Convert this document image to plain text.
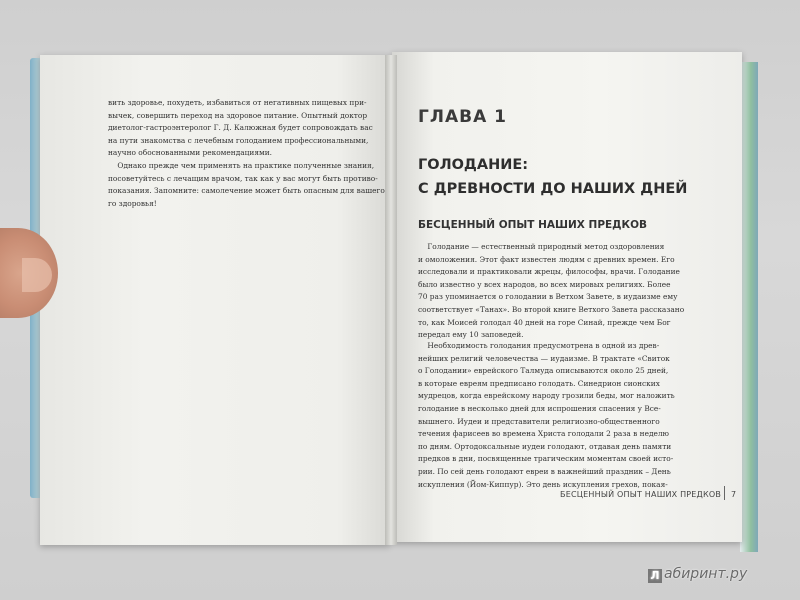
вить здоровье, похудеть, избавиться от негативных пищевых при-
вычек, совершить переход на здоровое питание. Опытный доктор
диетолог-гастроэнтеролог Г. Д. Калюжная будет сопровождать вас
на пути знакомства с лечебным голоданием профессиональными,
научно обоснованными рекомендациями.

Однако прежде чем применять на практике полученные знания,
посоветуйтесь с лечащим врачом, так как у вас могут быть противо-
показания. Запомните: самолечение может быть опасным для вашего
го здоровья!

ГЛАВА 1
ГОЛОДАНИЕ:
С ДРЕВНОСТИ ДО НАШИХ ДНЕЙ
БЕСЦЕННЫЙ ОПЫТ НАШИХ ПРЕДКОВ

Голодание — естественный природный метод оздоровления
и омоложения. Этот факт известен людям с древних времен. Его
исследовали и практиковали жрецы, философы, врачи. Голодание
было известно у всех народов, во всех мировых религиях. Более
70 раз упоминается о голодании в Ветхом Завете, в иудаизме ему
соответствует «Танах». Во второй книге Ветхого Завета рассказано
то, как Моисей голодал 40 дней на горе Синай, прежде чем Бог
передал ему 10 заповедей.

Необходимость голодания предусмотрена в одной из древ-
нейших религий человечества — иудаизме. В трактате «Свиток
о Голодании» еврейского Талмуда описываются около 25 дней,
в которые евреям предписано голодать. Синедрион сионских
мудрецов, когда еврейскому народу грозили беды, мог наложить
голодание в несколько дней для испрошения спасения у Все-
вышнего. Иудеи и представители религиозно-общественного
течения фарисеев во времена Христа голодали 2 раза в неделю
по дням. Ортодоксальные иудеи голодают, отдавая день памяти
предков в дни, посвященные трагическим моментам своей исто-
рии. По сей день голодают евреи в важнейший праздник – День
искупления (Йом-Киппур). Это день искупления грехов, покая-

БЕСЦЕННЫЙ ОПЫТ НАШИХ ПРЕДКОВ 7
Л абиринт.ру
